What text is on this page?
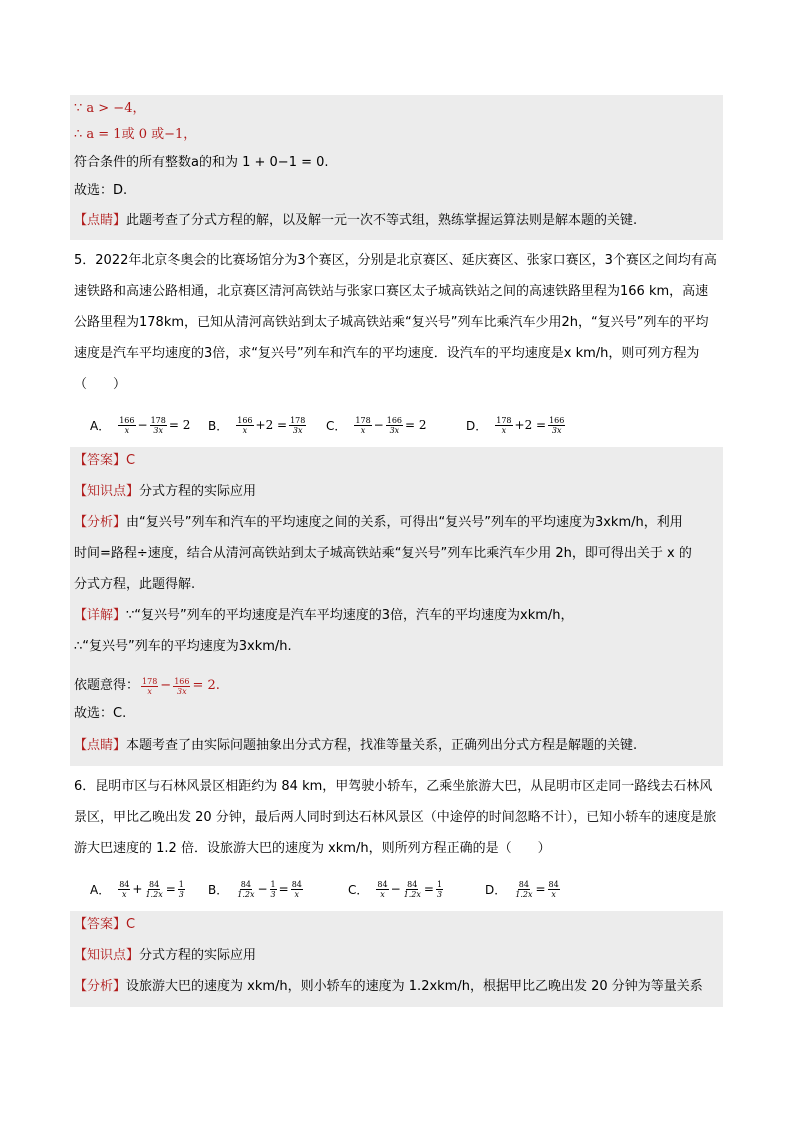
∵ a > −4，
∴ a = 1或 0 或−1，
符合条件的所有整数a的和为 1 + 0−1 = 0.
故选：D.
【点睛】此题考查了分式方程的解，以及解一元一次不等式组，熟练掌握运算法则是解本题的关键.
5．2022年北京冬奥会的比赛场馆分为3个赛区，分别是北京赛区、延庆赛区、张家口赛区，3个赛区之间均有高速铁路和高速公路相通，北京赛区清河高铁站与张家口赛区太子城高铁站之间的高速铁路里程为166 km，高速公路里程为178km，已知从清河高铁站到太子城高铁站乘“复兴号”列车比乘汽车少用2h，“复兴号”列车的平均速度是汽车平均速度的3倍，求“复兴号”列车和汽车的平均速度．设汽车的平均速度是x km/h，则可列方程为（　　）
A． $\frac{166}{x} - \frac{178}{3x} = 2$ B． $\frac{166}{x} +2 = \frac{178}{3x}$ C． $\frac{178}{x} - \frac{166}{3x} = 2$	D． $\frac{178}{x} +2 = \frac{166}{3x}$
【答案】C
【知识点】分式方程的实际应用
【分析】由“复兴号”列车和汽车的平均速度之间的关系，可得出“复兴号”列车的平均速度为3xkm/h，利用
时间=路程÷速度，结合从清河高铁站到太子城高铁站乘“复兴号”列车比乘汽车少用 2h，即可得出关于 x 的
分式方程，此题得解.
【详解】∵“复兴号”列车的平均速度是汽车平均速度的3倍，汽车的平均速度为xkm/h，
∴“复兴号”列车的平均速度为3xkm/h.
依题意得： $\frac{178}{x} - \frac{166}{3x} = 2$.
故选：C.
【点睛】本题考查了由实际问题抽象出分式方程，找准等量关系，正确列出分式方程是解题的关键.
6．昆明市区与石林风景区相距约为 84 km，甲驾驶小轿车，乙乘坐旅游大巴，从昆明市区走同一路线去石林风景区，甲比乙晚出发 20 分钟，最后两人同时到达石林风景区（中途停的时间忽略不计），已知小轿车的速度是旅游大巴速度的 1.2 倍．设旅游大巴的速度为 xkm/h，则所列方程正确的是（　　）
A． $\frac{84}{x} + \frac{84}{1.2x} = \frac{1}{3}$ B． $\frac{84}{1.2x} - \frac{1}{3} = \frac{84}{x}$	C． $\frac{84}{x} - \frac{84}{1.2x} = \frac{1}{3}$	D． $\frac{84}{1.2x} = \frac{84}{x}$
【答案】C
【知识点】分式方程的实际应用
【分析】设旅游大巴的速度为 xkm/h，则小轿车的速度为 1.2xkm/h，根据甲比乙晚出发 20 分钟为等量关系
